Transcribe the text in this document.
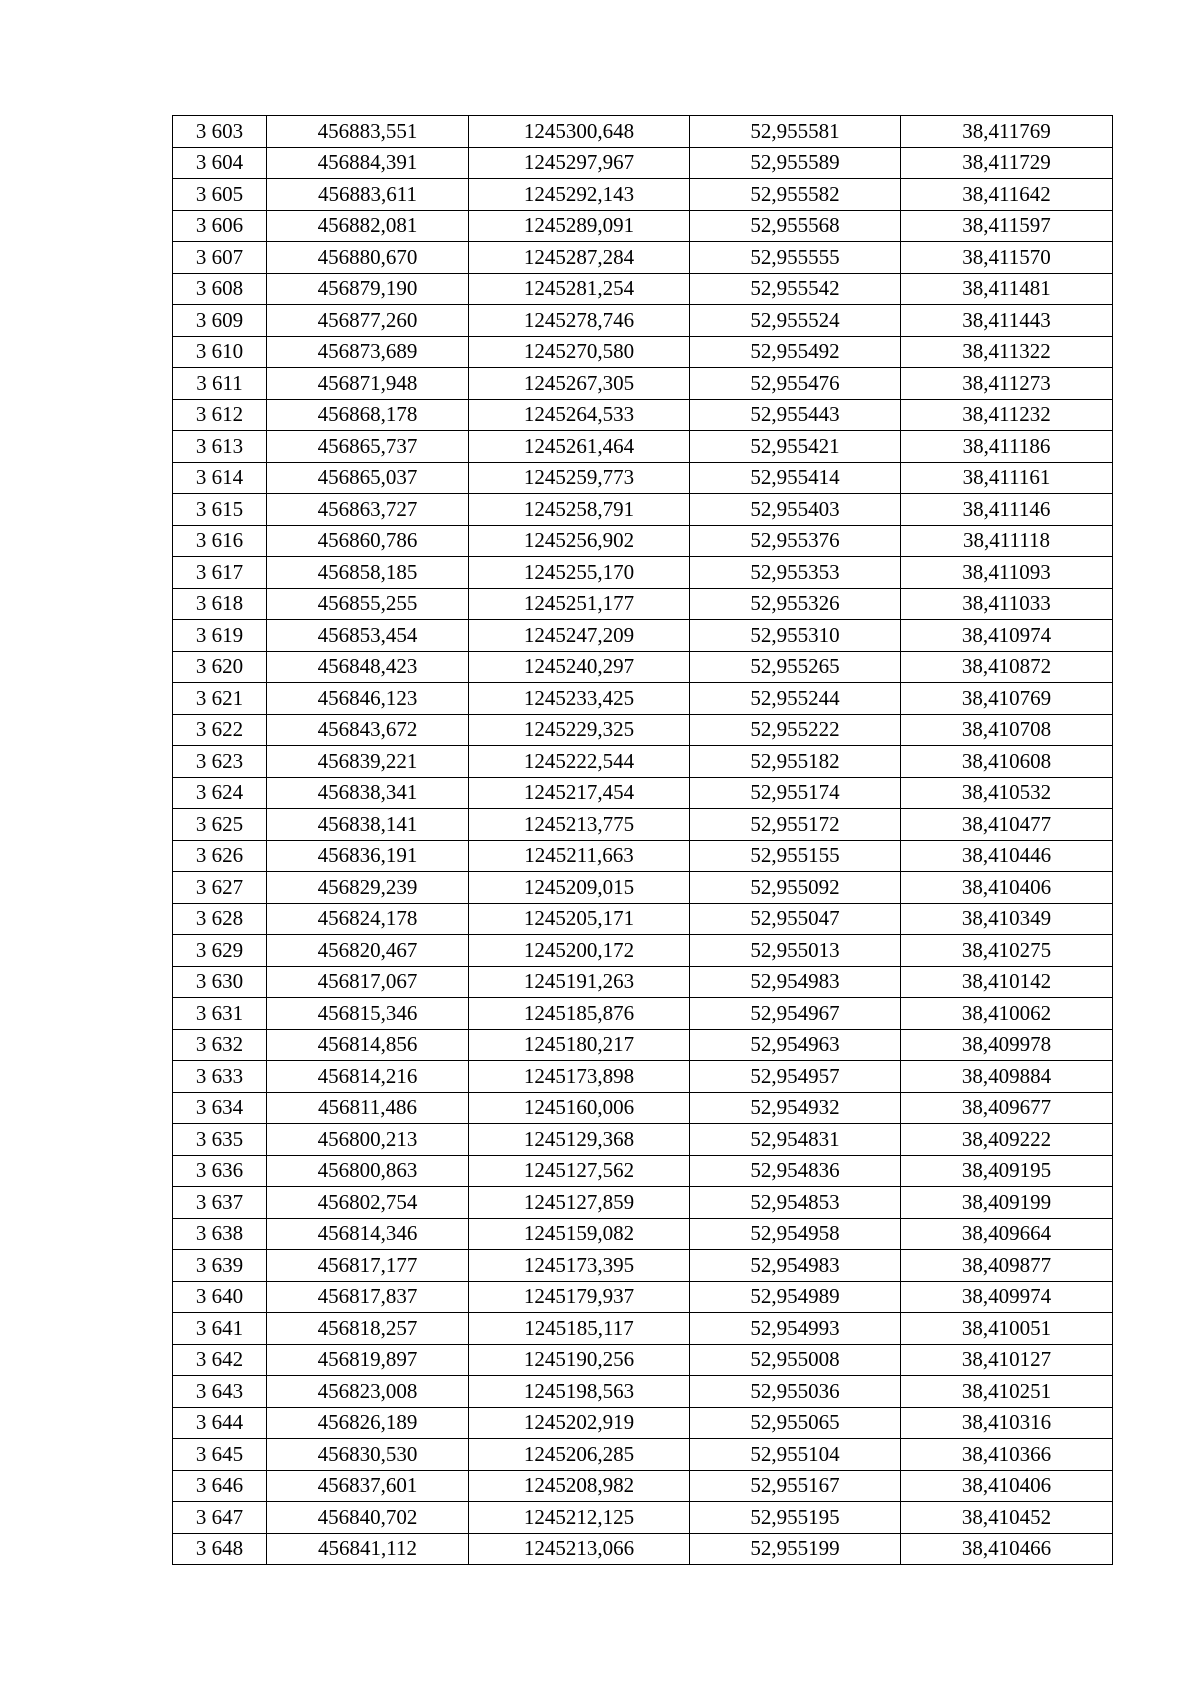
3 603	456883,551	1245300,648	52,955581	38,411769
3 604	456884,391	1245297,967	52,955589	38,411729
3 605	456883,611	1245292,143	52,955582	38,411642
3 606	456882,081	1245289,091	52,955568	38,411597
3 607	456880,670	1245287,284	52,955555	38,411570
3 608	456879,190	1245281,254	52,955542	38,411481
3 609	456877,260	1245278,746	52,955524	38,411443
3 610	456873,689	1245270,580	52,955492	38,411322
3 611	456871,948	1245267,305	52,955476	38,411273
3 612	456868,178	1245264,533	52,955443	38,411232
3 613	456865,737	1245261,464	52,955421	38,411186
3 614	456865,037	1245259,773	52,955414	38,411161
3 615	456863,727	1245258,791	52,955403	38,411146
3 616	456860,786	1245256,902	52,955376	38,411118
3 617	456858,185	1245255,170	52,955353	38,411093
3 618	456855,255	1245251,177	52,955326	38,411033
3 619	456853,454	1245247,209	52,955310	38,410974
3 620	456848,423	1245240,297	52,955265	38,410872
3 621	456846,123	1245233,425	52,955244	38,410769
3 622	456843,672	1245229,325	52,955222	38,410708
3 623	456839,221	1245222,544	52,955182	38,410608
3 624	456838,341	1245217,454	52,955174	38,410532
3 625	456838,141	1245213,775	52,955172	38,410477
3 626	456836,191	1245211,663	52,955155	38,410446
3 627	456829,239	1245209,015	52,955092	38,410406
3 628	456824,178	1245205,171	52,955047	38,410349
3 629	456820,467	1245200,172	52,955013	38,410275
3 630	456817,067	1245191,263	52,954983	38,410142
3 631	456815,346	1245185,876	52,954967	38,410062
3 632	456814,856	1245180,217	52,954963	38,409978
3 633	456814,216	1245173,898	52,954957	38,409884
3 634	456811,486	1245160,006	52,954932	38,409677
3 635	456800,213	1245129,368	52,954831	38,409222
3 636	456800,863	1245127,562	52,954836	38,409195
3 637	456802,754	1245127,859	52,954853	38,409199
3 638	456814,346	1245159,082	52,954958	38,409664
3 639	456817,177	1245173,395	52,954983	38,409877
3 640	456817,837	1245179,937	52,954989	38,409974
3 641	456818,257	1245185,117	52,954993	38,410051
3 642	456819,897	1245190,256	52,955008	38,410127
3 643	456823,008	1245198,563	52,955036	38,410251
3 644	456826,189	1245202,919	52,955065	38,410316
3 645	456830,530	1245206,285	52,955104	38,410366
3 646	456837,601	1245208,982	52,955167	38,410406
3 647	456840,702	1245212,125	52,955195	38,410452
3 648	456841,112	1245213,066	52,955199	38,410466
